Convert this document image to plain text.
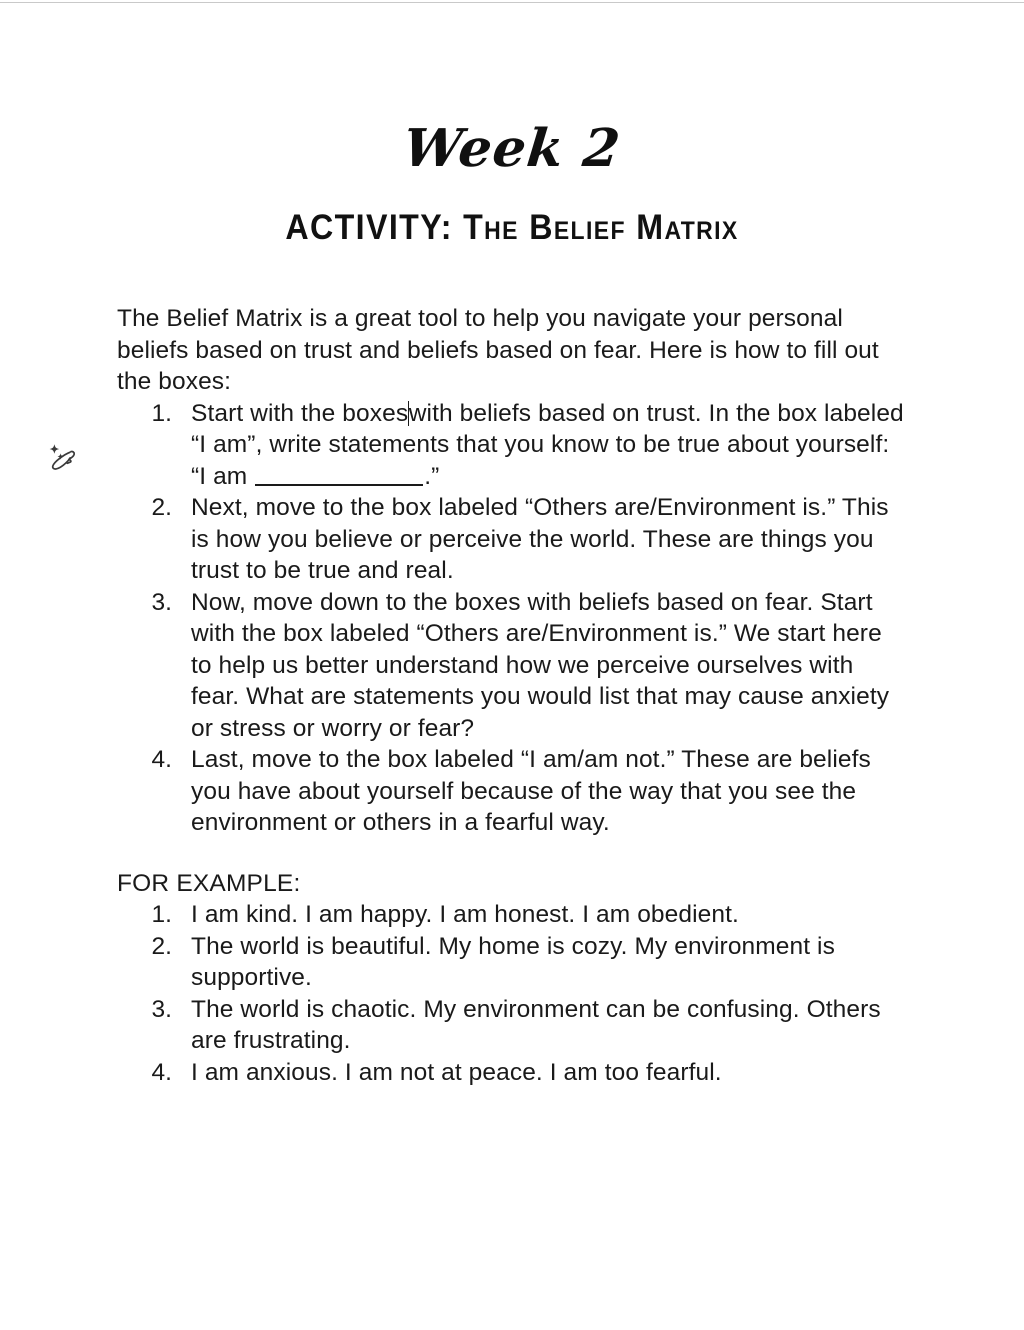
Week 2
ACTIVITY: The Belief Matrix

The Belief Matrix is a great tool to help you navigate your personal beliefs based on trust and beliefs based on fear. Here is how to fill out the boxes:

1. Start with the boxeswith beliefs based on trust. In the box labeled “I am”, write statements that you know to be true about yourself: “I am	.”
2. Next, move to the box labeled “Others are/Environment is.” This is how you believe or perceive the world. These are things you trust to be true and real.
3. Now, move down to the boxes with beliefs based on fear. Start with the box labeled “Others are/Environment is.” We start here to help us better understand how we perceive ourselves with fear. What are statements you would list that may cause anxiety or stress or worry or fear?
4. Last, move to the box labeled “I am/am not.” These are beliefs you have about yourself because of the way that you see the environment or others in a fearful way.

FOR EXAMPLE:

1. I am kind. I am happy. I am honest. I am obedient.
2. The world is beautiful. My home is cozy. My environment is supportive.
3. The world is chaotic. My environment can be confusing. Others are frustrating.
4. I am anxious. I am not at peace. I am too fearful.
